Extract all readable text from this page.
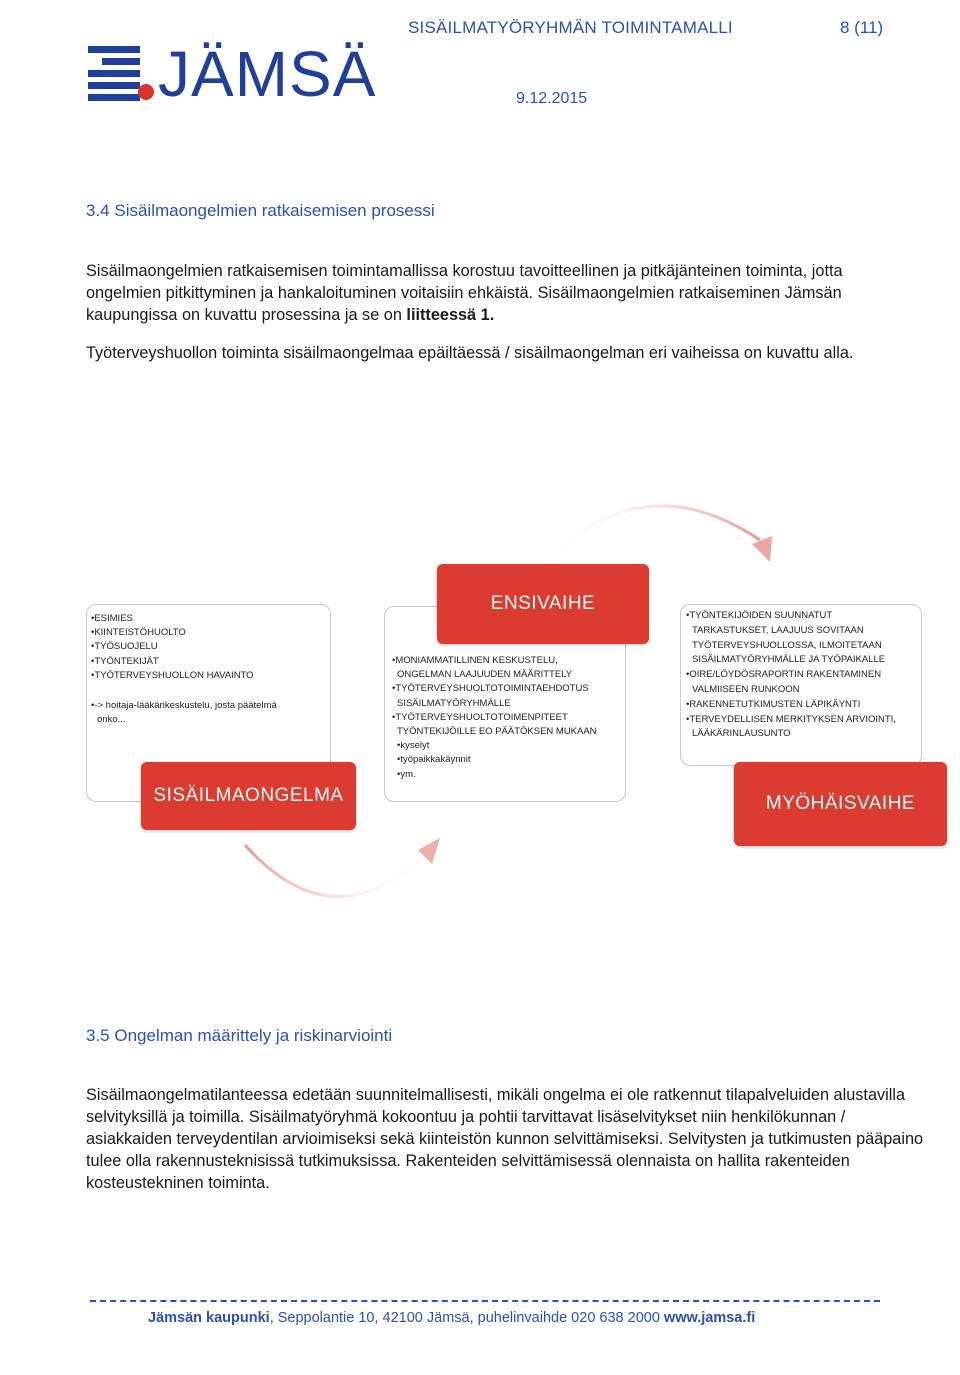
JÄMSÄ
SISÄILMATYÖRYHMÄN TOIMINTAMALLI	8 (11)
9.12.2015
3.4 Sisäilmaongelmien ratkaisemisen prosessi
Sisäilmaongelmien ratkaisemisen toimintamallissa korostuu tavoitteellinen ja pitkäjänteinen toiminta, jotta ongelmien pitkittyminen ja hankaloituminen voitaisiin ehkäistä. Sisäilmaongelmien ratkaiseminen Jämsän kaupungissa on kuvattu prosessina ja se on liitteessä 1.
Työterveyshuollon toiminta sisäilmaongelmaa epäiltäessä / sisäilmaongelman eri vaiheissa on kuvattu alla.
•ESIMIES
•KIINTEISTÖHUOLTO
•TYÖSUOJELU
•TYÖNTEKIJÄT
•TYÖTERVEYSHUOLLON HAVAINTO
•-> hoitaja-lääkärikeskustelu, josta päätelmä
onko...
SISÄILMAONGELMA
ENSIVAIHE
•MONIAMMATILLINEN KESKUSTELU,
ONGELMAN LAAJUUDEN MÄÄRITTELY
•TYÖTERVEYSHUOLTOTOIMINTAEHDOTUS
SISÄILMATYÖRYHMÄLLE
•TYÖTERVEYSHUOLTOTOIMENPITEET
TYÖNTEKIJÖILLE EO PÄÄTÖKSEN MUKAAN
•kyselyt
•työpaikkakäynnit
•ym.
•TYÖNTEKIJÖIDEN SUUNNATUT
TARKASTUKSET, LAAJUUS SOVITAAN
TYÖTERVEYSHUOLLOSSA, ILMOITETAAN
SISÄILMATYÖRYHMÄLLE JA TYÖPAIKALLE
•OIRE/LÖYDÖSRAPORTIN RAKENTAMINEN
VALMIISEEN RUNKOON
•RAKENNETUTKIMUSTEN LÄPIKÄYNTI
•TERVEYDELLISEN MERKITYKSEN ARVIOINTI,
LÄÄKÄRINLAUSUNTO
MYÖHÄISVAIHE
3.5 Ongelman määrittely ja riskinarviointi
Sisäilmaongelmatilanteessa edetään suunnitelmallisesti, mikäli ongelma ei ole ratkennut tilapalveluiden alustavilla selvityksillä ja toimilla. Sisäilmatyöryhmä kokoontuu ja pohtii tarvittavat lisäselvitykset niin henkilökunnan / asiakkaiden terveydentilan arvioimiseksi sekä kiinteistön kunnon selvittämiseksi. Selvitysten ja tutkimusten pääpaino tulee olla rakennusteknisissä tutkimuksissa. Rakenteiden selvittämisessä olennaista on hallita rakenteiden kosteustekninen toiminta.
Jämsän kaupunki, Seppolantie 10, 42100 Jämsä, puhelinvaihde 020 638 2000 www.jamsa.fi
